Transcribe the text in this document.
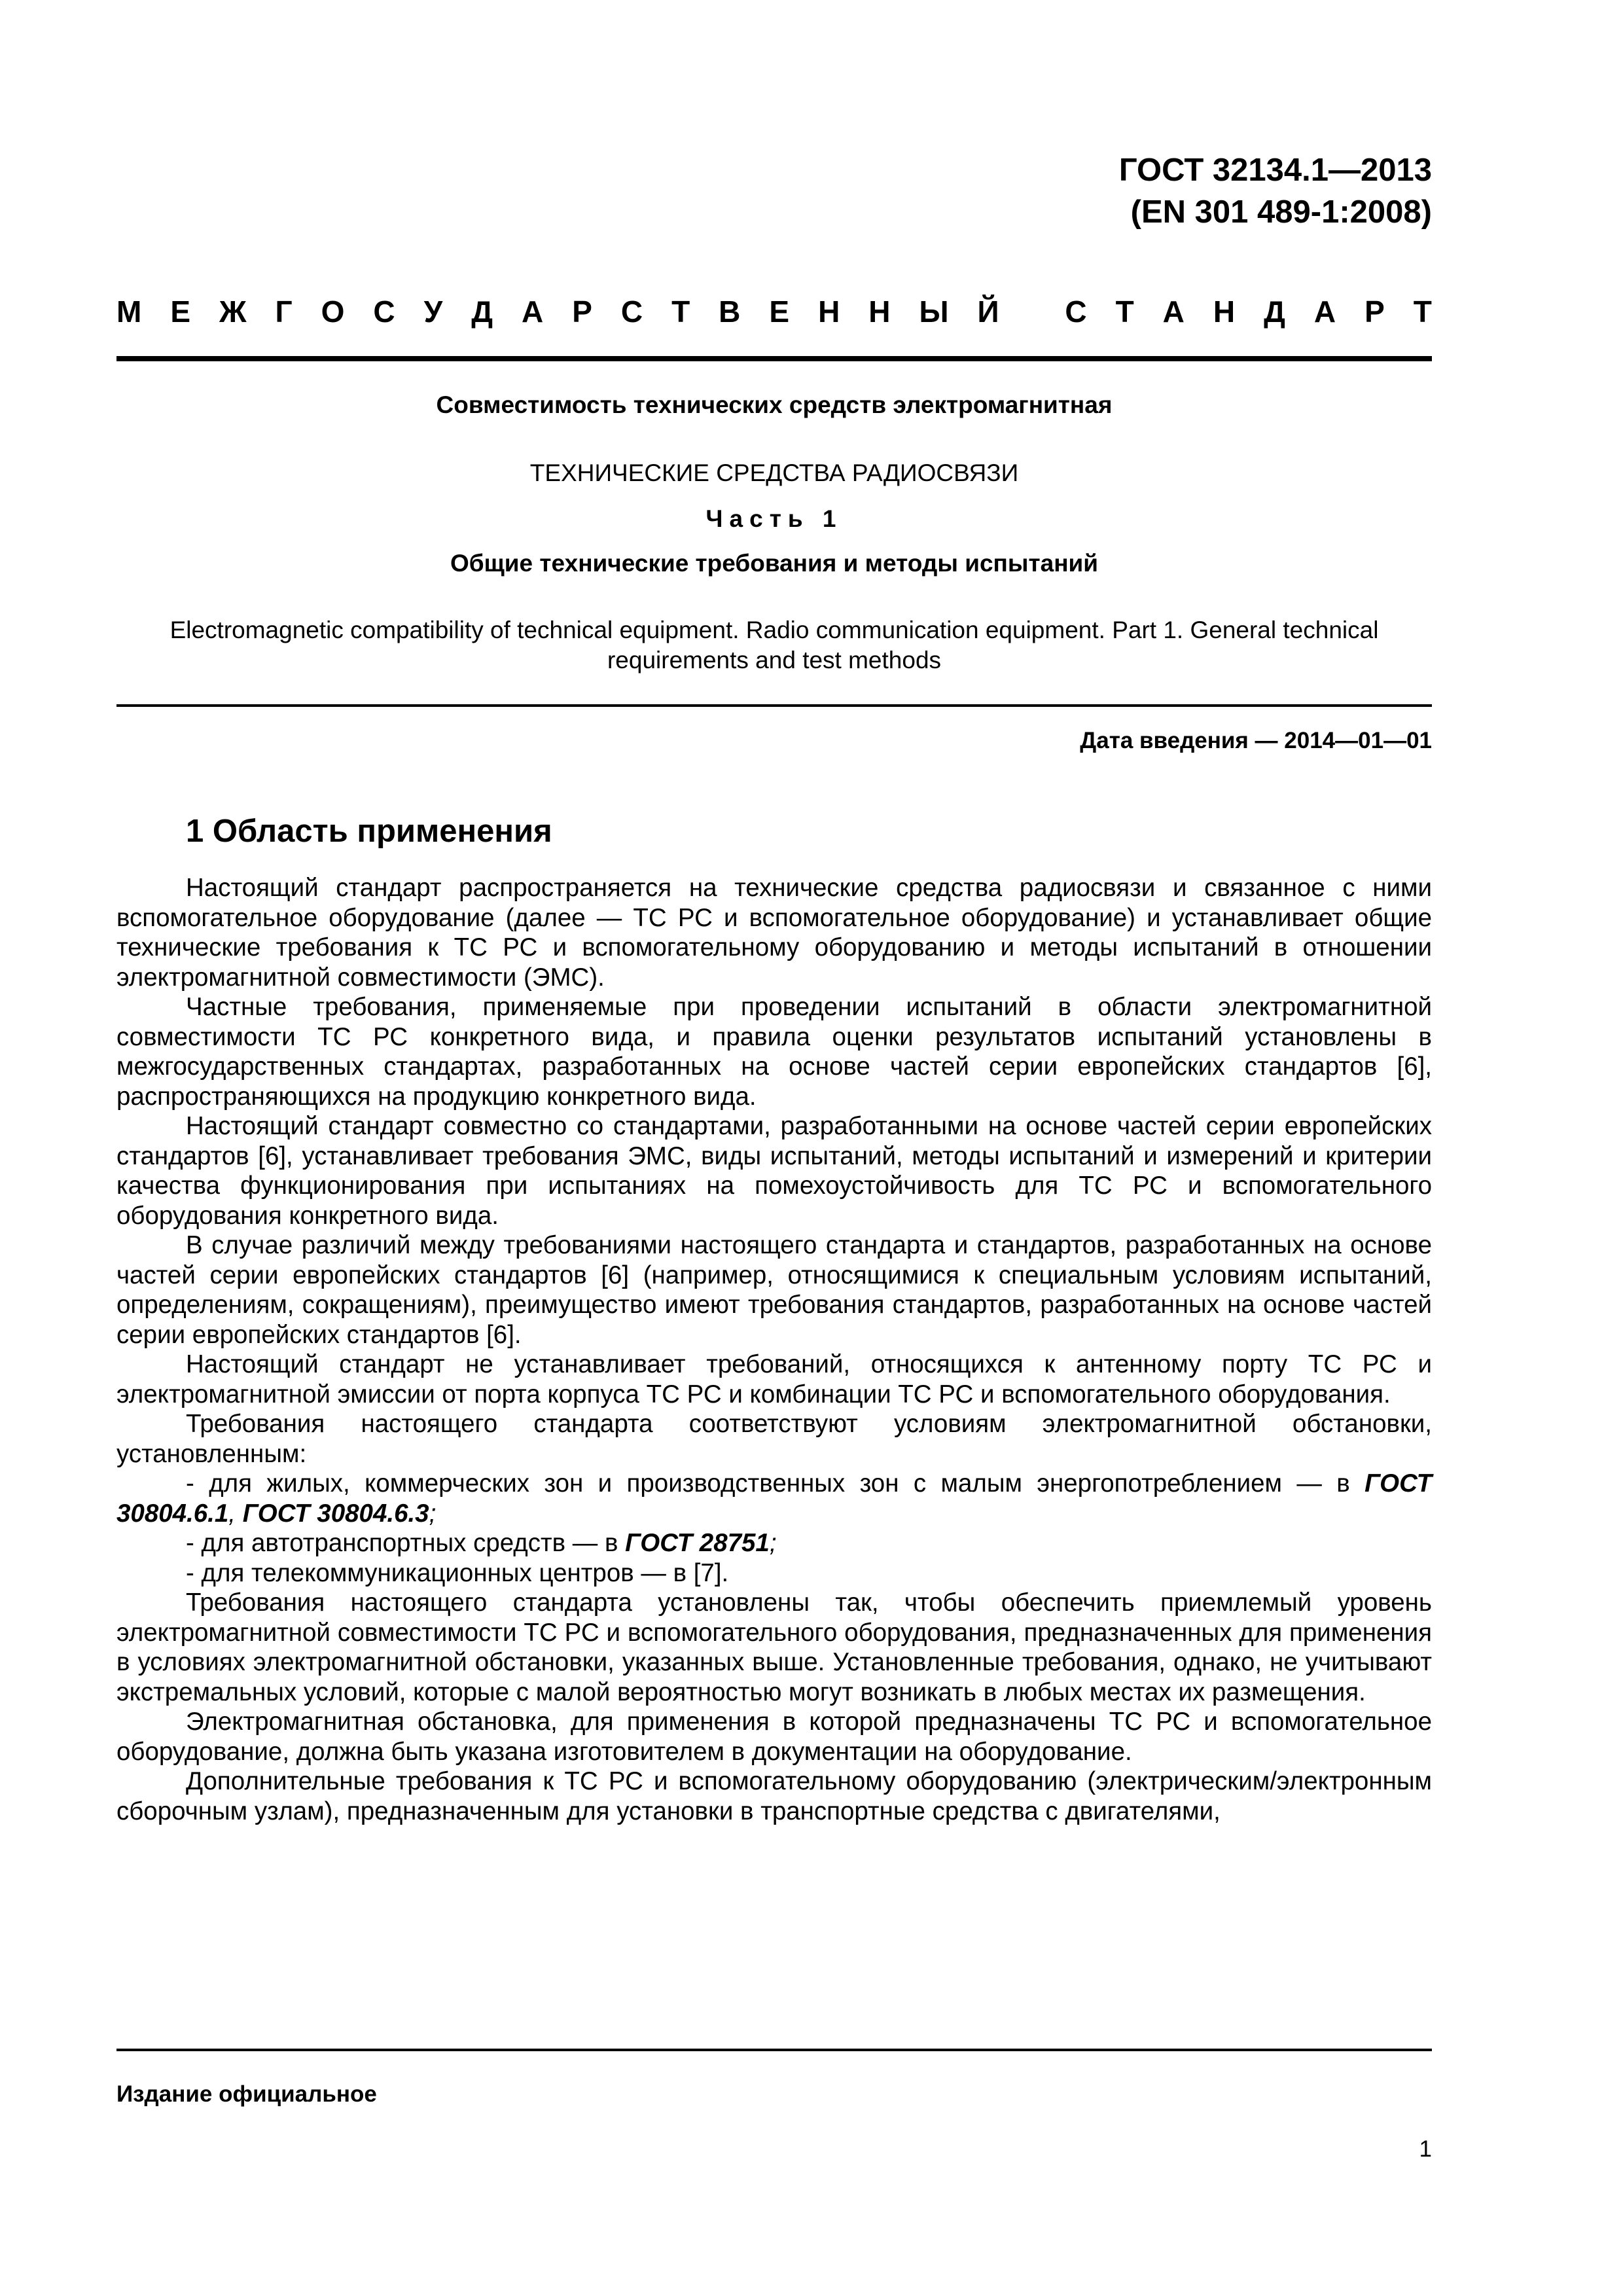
ГОСТ 32134.1—2013
(EN 301 489-1:2008)
М Е Ж Г О С У Д А Р С Т В Е Н Н Ы Й
С Т А Н Д А Р Т
Совместимость технических средств электромагнитная
ТЕХНИЧЕСКИЕ СРЕДСТВА РАДИОСВЯЗИ
Часть 1
Общие технические требования и методы испытаний
Electromagnetic compatibility of technical equipment. Radio communication equipment. Part 1. General technical requirements and test methods
Дата введения — 2014—01—01
1 Область применения

Настоящий стандарт распространяется на технические средства радиосвязи и связанное с ними вспомогательное оборудование (далее — ТС РС и вспомогательное оборудование) и устанавливает общие технические требования к ТС РС и вспомогательному оборудованию и методы испытаний в отношении электромагнитной совместимости (ЭМС).

Частные требования, применяемые при проведении испытаний в области электромагнитной совместимости ТС РС конкретного вида, и правила оценки результатов испытаний установлены в межгосударственных стандартах, разработанных на основе частей серии европейских стандартов [6], распространяющихся на продукцию конкретного вида.

Настоящий стандарт совместно со стандартами, разработанными на основе частей серии европейских стандартов [6], устанавливает требования ЭМС, виды испытаний, методы испытаний и измерений и критерии качества функционирования при испытаниях на помехоустойчивость для ТС РС и вспомогательного оборудования конкретного вида.

В случае различий между требованиями настоящего стандарта и стандартов, разработанных на основе частей серии европейских стандартов [6] (например, относящимися к специальным условиям испытаний, определениям, сокращениям), преимущество имеют требования стандартов, разработанных на основе частей серии европейских стандартов [6].

Настоящий стандарт не устанавливает требований, относящихся к антенному порту ТС РС и электромагнитной эмиссии от порта корпуса ТС РС и комбинации ТС РС и вспомогательного оборудования.

Требования настоящего стандарта соответствуют условиям электромагнитной обстановки, установленным:

- для жилых, коммерческих зон и производственных зон с малым энергопотреблением — в ГОСТ 30804.6.1, ГОСТ 30804.6.3;

- для автотранспортных средств — в ГОСТ 28751;

- для телекоммуникационных центров — в [7].

Требования настоящего стандарта установлены так, чтобы обеспечить приемлемый уровень электромагнитной совместимости ТС РС и вспомогательного оборудования, предназначенных для применения в условиях электромагнитной обстановки, указанных выше. Установленные требования, однако, не учитывают экстремальных условий, которые с малой вероятностью могут возникать в любых местах их размещения.

Электромагнитная обстановка, для применения в которой предназначены ТС РС и вспомогательное оборудование, должна быть указана изготовителем в документации на оборудование.

Дополнительные требования к ТС РС и вспомогательному оборудованию (электрическим/электронным сборочным узлам), предназначенным для установки в транспортные средства с двигателями,

Издание официальное
1
